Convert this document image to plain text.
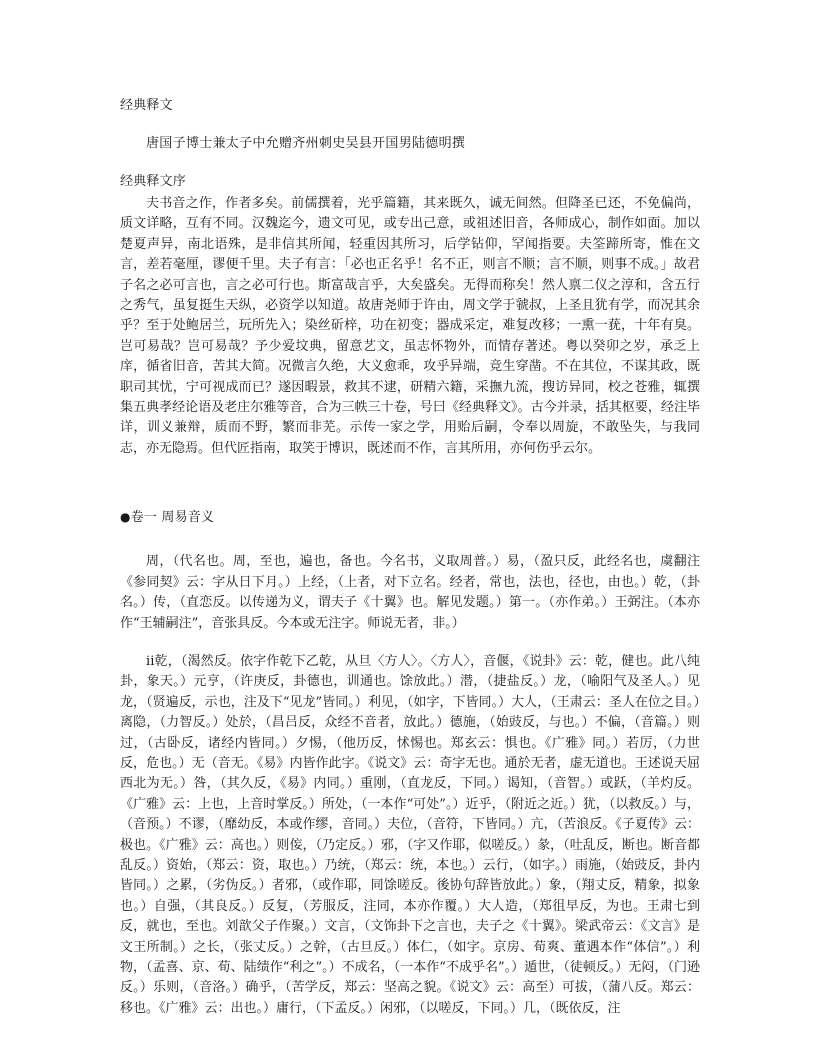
经典释文
唐国子博士兼太子中允赠齐州刺史吴县开国男陆德明撰
经典释文序
夫书音之作，作者多矣。前儒撰着，光乎篇籍，其来既久，诚无间然。但降圣已还，不免偏尚，质文详略，互有不同。汉魏迄今，遗文可见，或专出己意，或祖述旧音，各师成心，制作如面。加以楚夏声异，南北语殊，是非信其所闻，轻重因其所习，后学钻仰，罕闻指要。夫筌蹄所寄，惟在文言，差若毫厘，谬便千里。夫子有言：「必也正名乎！名不正，则言不顺；言不顺，则事不成。」故君子名之必可言也，言之必可行也。斯富哉言乎，大矣盛矣。无得而称矣！然人禀二仪之淳和，含五行之秀气，虽复挺生天纵，必资学以知道。故唐尧师于许由，周文学于虢叔，上圣且犹有学，而况其余乎？至于处鲍居兰，玩所先入；染丝斫梓，功在初变；器成采定，难复改移；一熏一莸，十年有臭。岂可易哉？岂可易哉？予少爱坟典，留意艺文，虽志怀物外，而情存著述。粤以癸卯之岁，承乏上庠，循省旧音，苦其大简。况微言久绝，大义愈乖，攻乎异端，竞生穿凿。不在其位，不谋其政，既职司其忧，宁可视成而已？遂因暇景，救其不逮，研精六籍，采撫九流，搜访异同，校之苍雅，辄撰集五典孝经论语及老庄尔雅等音，合为三帙三十卷，号曰《经典释文》。古今并录，括其枢要，经注毕详，训义兼辩，质而不野，繁而非芜。示传一家之学，用贻后嗣，令奉以周旋，不敢坠失，与我同志，亦无隐焉。但代匠指南，取笑于博识，既述而不作，言其所用，亦何伤乎云尔。
●卷一 周易音义
周，（代名也。周，至也，遍也，备也。今名书，义取周普。）易，（盈只反，此经名也，虞翻注《参同契》云：字从日下月。）上经，（上者，对下立名。经者，常也，法也，径也，由也。）乾，（卦名。）传，（直恋反。以传递为义，谓夫子《十翼》也。解见发题。）第一。（亦作弟。）王弼注。（本亦作“王辅嗣注”，音张具反。今本或无注字。师说无者，非。）
ⅰⅰ乾，（渴然反。依字作乾下乙乾，从旦〈方人〉。〈方人〉，音偃，《说卦》云：乾，健也。此八纯卦，象天。）元亨，（许庚反，卦德也，训通也。馀放此。）潜，（捷盐反。）龙，（喻阳气及圣人。）见龙，（贤遍反，示也，注及下“见龙”皆同。）利见，（如字，下皆同。）大人，（王肃云：圣人在位之目。）离隐，（力智反。）处於，（昌吕反，众经不音者，放此。）德施，（始豉反，与也。）不偏，（音篇。）则过，（古卧反，诸经内皆同。）夕惕，（他历反，怵惕也。郑玄云：惧也。《广雅》同。）若厉，（力世反，危也。）无（音无。《易》内皆作此字。《说文》云：奇字无也。通於无者，虚无道也。王述说天屈西北为无。）咎，（其久反，《易》内同。）重刚，（直龙反，下同。）谒知，（音智。）或跃，（羊灼反。《广雅》云：上也，上音时掌反。）所处，（一本作“可处”。）近乎，（附近之近。）犹，（以救反。）与，（音预。）不谬，（靡幼反，本或作缪，音同。）夫位，（音符，下皆同。）亢，（苦浪反。《子夏传》云：极也。《广雅》云：高也。）则侫，（乃定反。）邪，（字又作耶，似嗟反。）彖，（吐乱反，断也。断音都乱反。）资始，（郑云：资，取也。）乃统，（郑云：统，本也。）云行，（如字。）雨施，（始豉反，卦内皆同。）之累，（劣伪反。）者邪，（或作耶，同馀嗟反。後协句辞皆放此。）象，（翔丈反，精象，拟象也。）自强，（其良反。）反复，（芳服反，注同，本亦作覆。）大人造，（郑徂早反，为也。王肃七到反，就也，至也。刘歆父子作聚。）文言，（文饰卦下之言也，夫子之《十翼》。梁武帝云：《文言》是文王所制。）之长，（张丈反。）之幹，（古旦反。）体仁，（如字。京房、荀爽、董遇本作“体信”。）利物，（孟喜、京、荀、陆绩作“利之”。）不成名，（一本作“不成乎名”。）遁世，（徒顿反。）无闷，（门逊反。）乐则，（音洛。）确乎，（苦学反，郑云：坚高之貌。《说文》云：高至）可拔，（蒲八反。郑云：移也。《广雅》云：出也。）庸行，（下孟反。）闲邪，（以嗟反，下同。）几，（既依反，注
